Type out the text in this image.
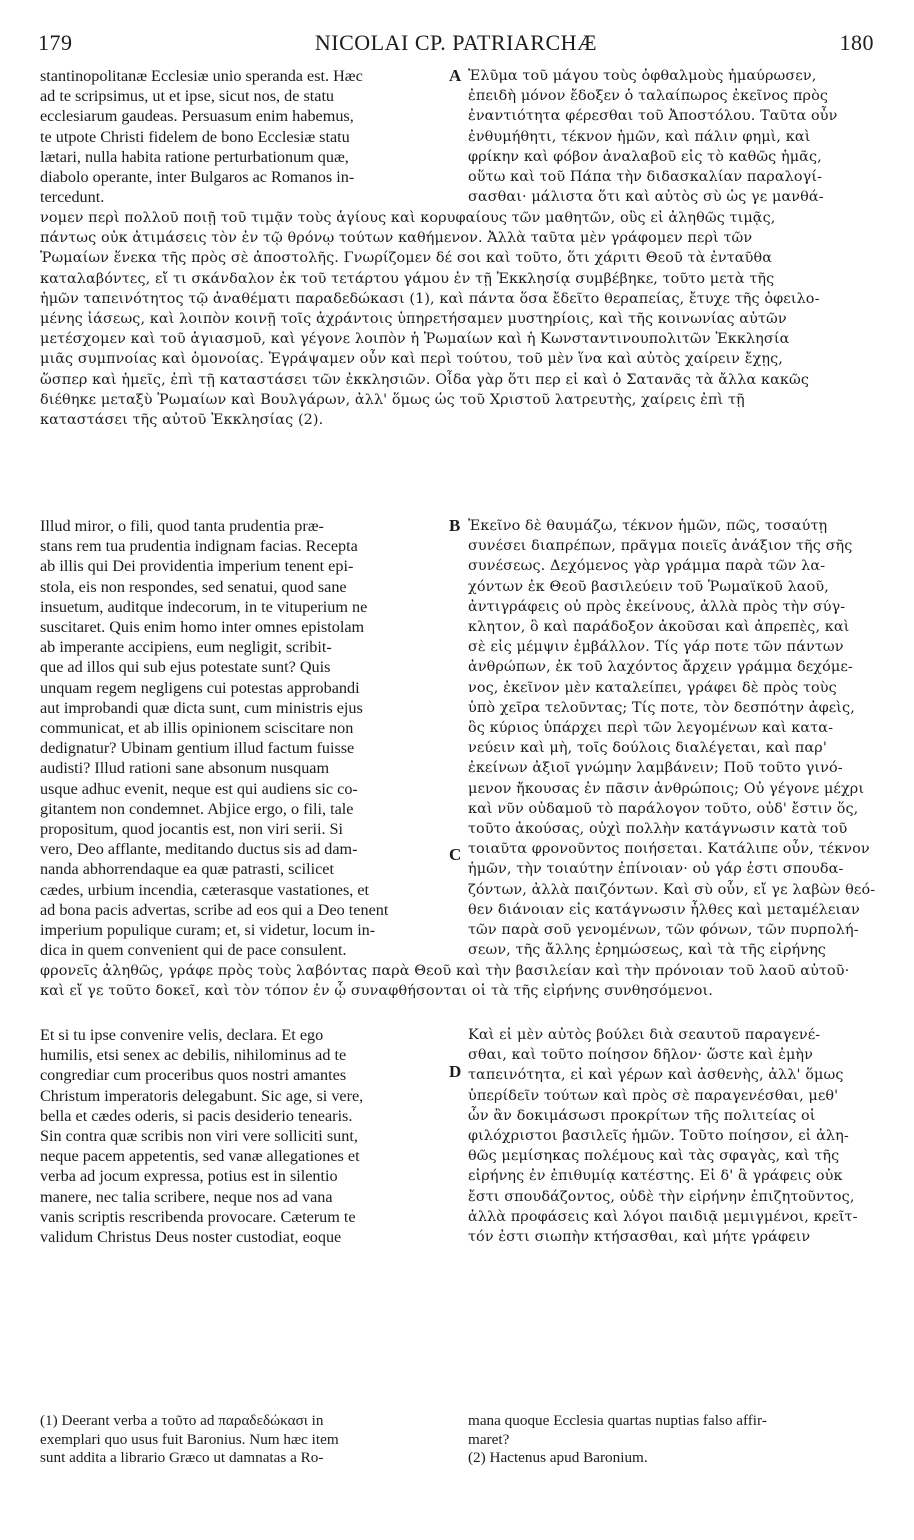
179	NICOLAI CP. PATRIARCHÆ	180
stantinopolitanæ Ecclesiæ unio speranda est. Hæc
ad te scripsimus, ut et ipse, sicut nos, de statu
ecclesiarum gaudeas. Persuasum enim habemus,
te utpote Christi fidelem de bono Ecclesiæ statu
lætari, nulla habita ratione perturbationum quæ,
diabolo operante, inter Bulgaros ac Romanos in-
tercedunt.
A Ἐλῦμα τοῦ μάγου τοὺς ὀφθαλμοὺς ἠμαύρωσεν,
ἐπειδὴ μόνον ἔδοξεν ὁ ταλαίπωρος ἐκεῖνος πρὸς
ἐναντιότητα φέρεσθαι τοῦ Ἀποστόλου. Ταῦτα οὖν
ἐνθυμήθητι, τέκνον ἡμῶν, καὶ πάλιν φημὶ, καὶ
φρίκην καὶ φόβον ἀναλαβοῦ εἰς τὸ καθῶς ἡμᾶς,
οὕτω καὶ τοῦ Πάπα τὴν διδασκαλίαν παραλογί-
σασθαι· μάλιστα ὅτι καὶ αὐτὸς σὺ ὡς γε μανθά-
νομεν περὶ πολλοῦ ποιῇ τοῦ τιμᾷν τοὺς ἁγίους καὶ κορυφαίους τῶν μαθητῶν, οὓς εἰ ἀληθῶς τιμᾷς,
πάντως οὐκ ἀτιμάσεις τὸν ἐν τῷ θρόνῳ τούτων καθήμενον. Ἀλλὰ ταῦτα μὲν γράφομεν περὶ τῶν
Ῥωμαίων ἕνεκα τῆς πρὸς σὲ ἀποστολῆς. Γνωρίζομεν δέ σοι καὶ τοῦτο, ὅτι χάριτι Θεοῦ τὰ ἐνταῦθα
καταλαβόντες, εἴ τι σκάνδαλον ἐκ τοῦ τετάρτου γάμου ἐν τῇ Ἐκκλησίᾳ συμβέβηκε, τοῦτο μετὰ τῆς
ἡμῶν ταπεινότητος τῷ ἀναθέματι παραδεδώκασι (1), καὶ πάντα ὅσα ἔδεῖτο θεραπείας, ἔτυχε τῆς ὀφειλο-
μένης ἰάσεως, καὶ λοιπὸν κοινῇ τοῖς ἀχράντοις ὑπηρετήσαμεν μυστηρίοις, καὶ τῆς κοινωνίας αὐτῶν
μετέσχομεν καὶ τοῦ ἁγιασμοῦ, καὶ γέγονε λοιπὸν ἡ Ῥωμαίων καὶ ἡ Κωνσταντινουπολιτῶν Ἐκκλησία
μιᾶς συμπνοίας καὶ ὁμονοίας. Ἐγράψαμεν οὖν καὶ περὶ τούτου, τοῦ μὲν ἵνα καὶ αὐτὸς χαίρειν ἔχῃς,
ὥσπερ καὶ ἡμεῖς, ἐπὶ τῇ καταστάσει τῶν ἐκκλησιῶν. Οἶδα γὰρ ὅτι περ εἰ καὶ ὁ Σατανᾶς τὰ ἄλλα κακῶς
διέθηκε μεταξὺ Ῥωμαίων καὶ Βουλγάρων, ἀλλ' ὅμως ὡς τοῦ Χριστοῦ λατρευτὴς, χαίρεις ἐπὶ τῇ
καταστάσει τῆς αὐτοῦ Ἐκκλησίας (2).
Illud miror, o fili, quod tanta prudentia præ-
stans rem tua prudentia indignam facias. Recepta
ab illis qui Dei providentia imperium tenent epi-
stola, eis non respondes, sed senatui, quod sane
insuetum, auditque indecorum, in te vituperium ne
suscitaret. Quis enim homo inter omnes epistolam
ab imperante accipiens, eum negligit, scribit-
que ad illos qui sub ejus potestate sunt? Quis
unquam regem negligens cui potestas approbandi
aut improbandi quæ dicta sunt, cum ministris ejus
communicat, et ab illis opinionem sciscitare non
dedignatur? Ubinam gentium illud factum fuisse
audisti? Illud rationi sane absonum nusquam
usque adhuc evenit, neque est qui audiens sic co-
gitantem non condemnet. Abjice ergo, o fili, tale
propositum, quod jocantis est, non viri serii. Si
vero, Deo afflante, meditando ductus sis ad dam-
nanda abhorrendaque ea quæ patrasti, scilicet
cædes, urbium incendia, cæterasque vastationes, et
ad bona pacis advertas, scribe ad eos qui a Deo tenent
imperium populique curam; et, si videtur, locum in-
dica in quem convenient qui de pace consulent.
B
C
Ἐκεῖνο δὲ θαυμάζω, τέκνον ἡμῶν, πῶς, τοσαύτῃ
συνέσει διαπρέπων, πρᾶγμα ποιεῖς ἀνάξιον τῆς σῆς
συνέσεως. Δεχόμενος γὰρ γράμμα παρὰ τῶν λα-
χόντων ἐκ Θεοῦ βασιλεύειν τοῦ Ῥωμαϊκοῦ λαοῦ,
ἀντιγράφεις οὐ πρὸς ἐκείνους, ἀλλὰ πρὸς τὴν σύγ-
κλητον, ὃ καὶ παράδοξον ἀκοῦσαι καὶ ἀπρεπὲς, καὶ
σὲ εἰς μέμψιν ἐμβάλλον. Τίς γάρ ποτε τῶν πάντων
ἀνθρώπων, ἐκ τοῦ λαχόντος ἄρχειν γράμμα δεχόμε-
νος, ἐκεῖνον μὲν καταλείπει, γράφει δὲ πρὸς τοὺς
ὑπὸ χεῖρα τελοῦντας; Τίς ποτε, τὸν δεσπότην ἀφεὶς,
ὃς κύριος ὑπάρχει περὶ τῶν λεγομένων καὶ κατα-
νεύειν καὶ μὴ, τοῖς δούλοις διαλέγεται, καὶ παρ'
ἐκείνων ἀξιοῖ γνώμην λαμβάνειν; Ποῦ τοῦτο γινό-
μενον ἤκουσας ἐν πᾶσιν ἀνθρώποις; Οὐ γέγονε μέχρι
καὶ νῦν οὐδαμοῦ τὸ παράλογον τοῦτο, οὐδ' ἔστιν ὅς,
τοῦτο ἀκούσας, οὐχὶ πολλὴν κατάγνωσιν κατὰ τοῦ
τοιαῦτα φρονοῦντος ποιήσεται. Κατάλιπε οὖν, τέκνον
ἡμῶν, τὴν τοιαύτην ἐπίνοιαν· οὐ γάρ ἐστι σπουδα-
ζόντων, ἀλλὰ παιζόντων. Καὶ σὺ οὖν, εἴ γε λαβὼν θεό-
θεν διάνοιαν εἰς κατάγνωσιν ἦλθες καὶ μεταμέλειαν
τῶν παρὰ σοῦ γενομένων, τῶν φόνων, τῶν πυρπολή-
σεων, τῆς ἄλλης ἐρημώσεως, καὶ τὰ τῆς εἰρήνης
φρονεῖς ἀληθῶς, γράφε πρὸς τοὺς λαβόντας παρὰ Θεοῦ καὶ τὴν βασιλείαν καὶ τὴν πρόνοιαν τοῦ λαοῦ αὐτοῦ·
καὶ εἴ γε τοῦτο δοκεῖ, καὶ τὸν τόπον ἐν ᾧ συναφθήσονται οἱ τὰ τῆς εἰρήνης συνθησόμενοι.
Et si tu ipse convenire velis, declara. Et ego
humilis, etsi senex ac debilis, nihilominus ad te
congrediar cum proceribus quos nostri amantes
Christum imperatoris delegabunt. Sic age, si vere,
bella et cædes oderis, si pacis desiderio tenearis.
Sin contra quæ scribis non viri vere solliciti sunt,
neque pacem appetentis, sed vanæ allegationes et
verba ad jocum expressa, potius est in silentio
manere, nec talia scribere, neque nos ad vana
vanis scriptis rescribenda provocare. Cæterum te
validum Christus Deus noster custodiat, eoque
D
Καὶ εἰ μὲν αὐτὸς βούλει διὰ σεαυτοῦ παραγενέ-
σθαι, καὶ τοῦτο ποίησον δῆλον· ὥστε καὶ ἐμὴν
ταπεινότητα, εἰ καὶ γέρων καὶ ἀσθενὴς, ἀλλ' ὅμως
ὑπερίδεῖν τούτων καὶ πρὸς σὲ παραγενέσθαι, μεθ'
ὧν ἂν δοκιμάσωσι προκρίτων τῆς πολιτείας οἱ
φιλόχριστοι βασιλεῖς ἡμῶν. Τοῦτο ποίησον, εἰ ἀλη-
θῶς μεμίσηκας πολέμους καὶ τὰς σφαγὰς, καὶ τῆς
εἰρήνης ἐν ἐπιθυμίᾳ κατέστης. Εἰ δ' ἃ γράφεις οὐκ
ἔστι σπουδάζοντος, οὐδὲ τὴν εἰρήνην ἐπιζητοῦντος,
ἀλλὰ προφάσεις καὶ λόγοι παιδιᾷ μεμιγμένοι, κρεῖτ-
τόν ἐστι σιωπὴν κτήσασθαι, καὶ μήτε γράφειν
(1) Deerant verba a τοῦτο ad παραδεδώκασι in
exemplari quo usus fuit Baronius. Num hæc item
sunt addita a librario Græco ut damnatas a Ro-
mana quoque Ecclesia quartas nuptias falso affir-
maret?
(2) Hactenus apud Baronium.
